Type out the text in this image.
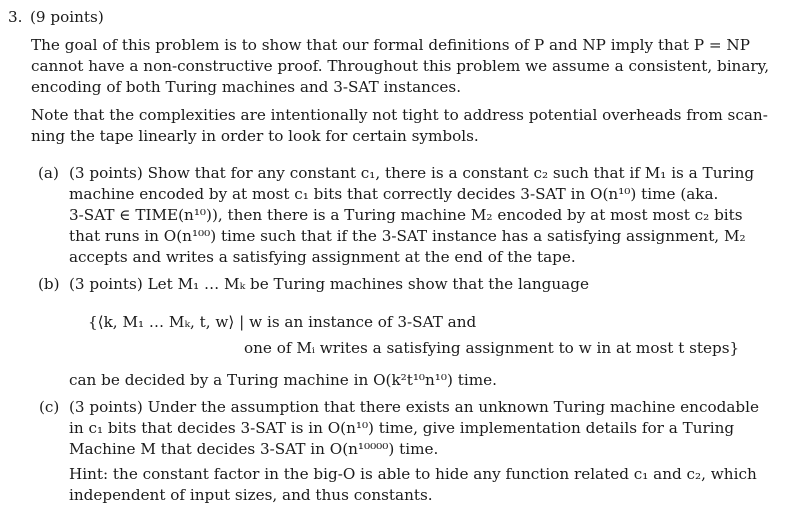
3. (9 points)
The goal of this problem is to show that our formal definitions of P and NP imply that P = NP
cannot have a non-constructive proof. Throughout this problem we assume a consistent, binary,
encoding of both Turing machines and 3-SAT instances.
Note that the complexities are intentionally not tight to address potential overheads from scan-
ning the tape linearly in order to look for certain symbols.
(a) (3 points) Show that for any constant c₁, there is a constant c₂ such that if M₁ is a Turing
machine encoded by at most c₁ bits that correctly decides 3-SAT in O(n¹⁰) time (aka.
3-SAT ∈ TIME(n¹⁰)), then there is a Turing machine M₂ encoded by at most most c₂ bits
that runs in O(n¹⁰⁰) time such that if the 3-SAT instance has a satisfying assignment, M₂
accepts and writes a satisfying assignment at the end of the tape.
(b) (3 points) Let M₁ … Mₖ be Turing machines show that the language
{⟨k, M₁ … Mₖ, t, w⟩ | w is an instance of 3-SAT and
one of Mᵢ writes a satisfying assignment to w in at most t steps}
can be decided by a Turing machine in O(k²t¹⁰n¹⁰) time.
(c) (3 points) Under the assumption that there exists an unknown Turing machine encodable
in c₁ bits that decides 3-SAT is in O(n¹⁰) time, give implementation details for a Turing
Machine M that decides 3-SAT in O(n¹⁰⁰⁰⁰) time.
Hint: the constant factor in the big-O is able to hide any function related c₁ and c₂, which
independent of input sizes, and thus constants.
